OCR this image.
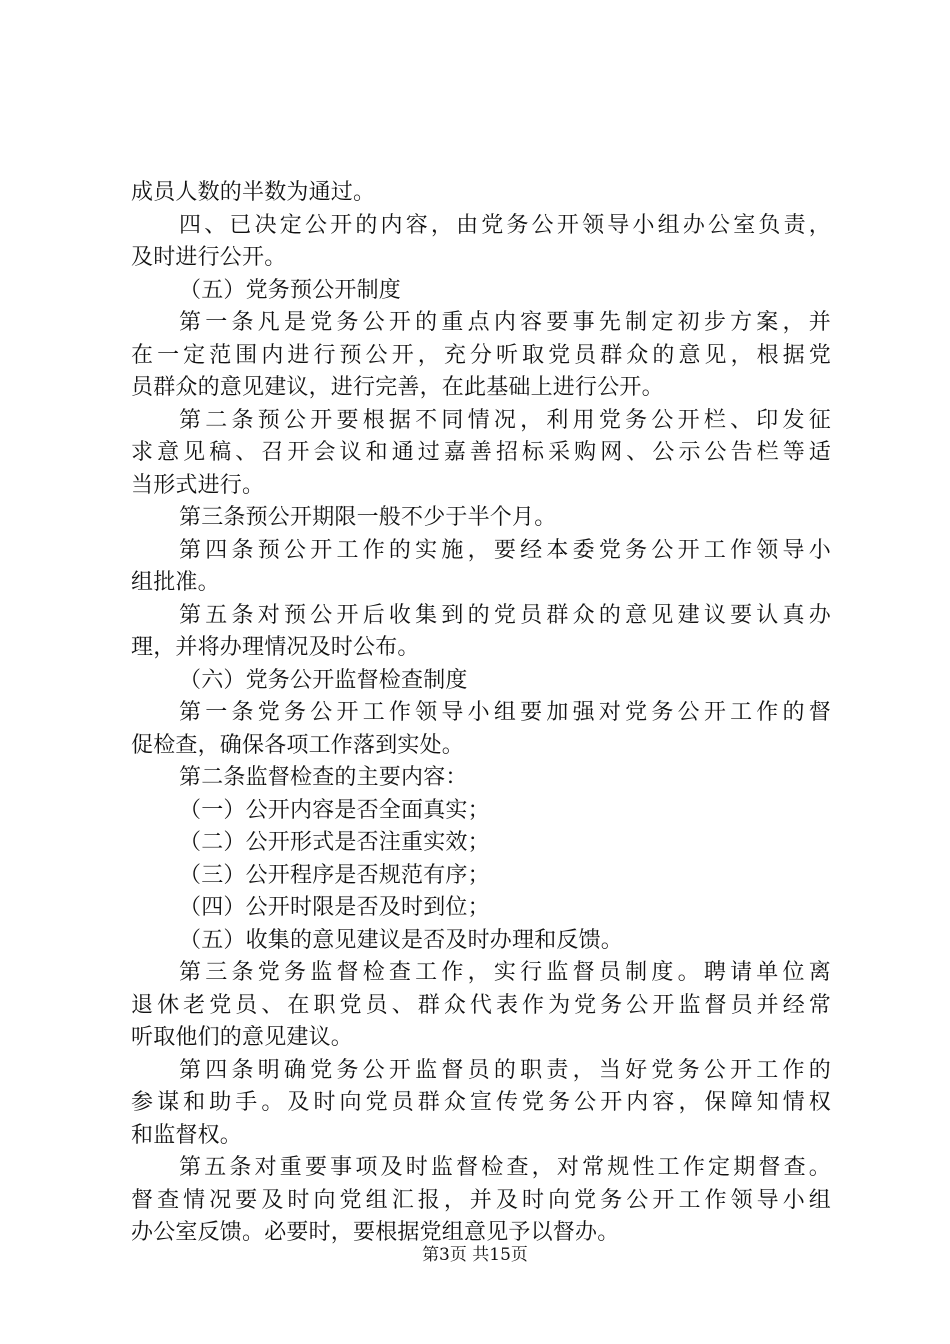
成员人数的半数为通过。
四、已决定公开的内容，由党务公开领导小组办公室负责，
及时进行公开。
（五）党务预公开制度
第一条凡是党务公开的重点内容要事先制定初步方案，并
在一定范围内进行预公开，充分听取党员群众的意见，根据党
员群众的意见建议，进行完善，在此基础上进行公开。
第二条预公开要根据不同情况，利用党务公开栏、印发征
求意见稿、召开会议和通过嘉善招标采购网、公示公告栏等适
当形式进行。
第三条预公开期限一般不少于半个月。
第四条预公开工作的实施，要经本委党务公开工作领导小
组批准。
第五条对预公开后收集到的党员群众的意见建议要认真办
理，并将办理情况及时公布。
（六）党务公开监督检查制度
第一条党务公开工作领导小组要加强对党务公开工作的督
促检查，确保各项工作落到实处。
第二条监督检查的主要内容：
（一）公开内容是否全面真实；
（二）公开形式是否注重实效；
（三）公开程序是否规范有序；
（四）公开时限是否及时到位；
（五）收集的意见建议是否及时办理和反馈。
第三条党务监督检查工作，实行监督员制度。聘请单位离
退休老党员、在职党员、群众代表作为党务公开监督员并经常
听取他们的意见建议。
第四条明确党务公开监督员的职责，当好党务公开工作的
参谋和助手。及时向党员群众宣传党务公开内容，保障知情权
和监督权。
第五条对重要事项及时监督检查，对常规性工作定期督查。
督查情况要及时向党组汇报，并及时向党务公开工作领导小组
办公室反馈。必要时，要根据党组意见予以督办。
第3页 共15页
